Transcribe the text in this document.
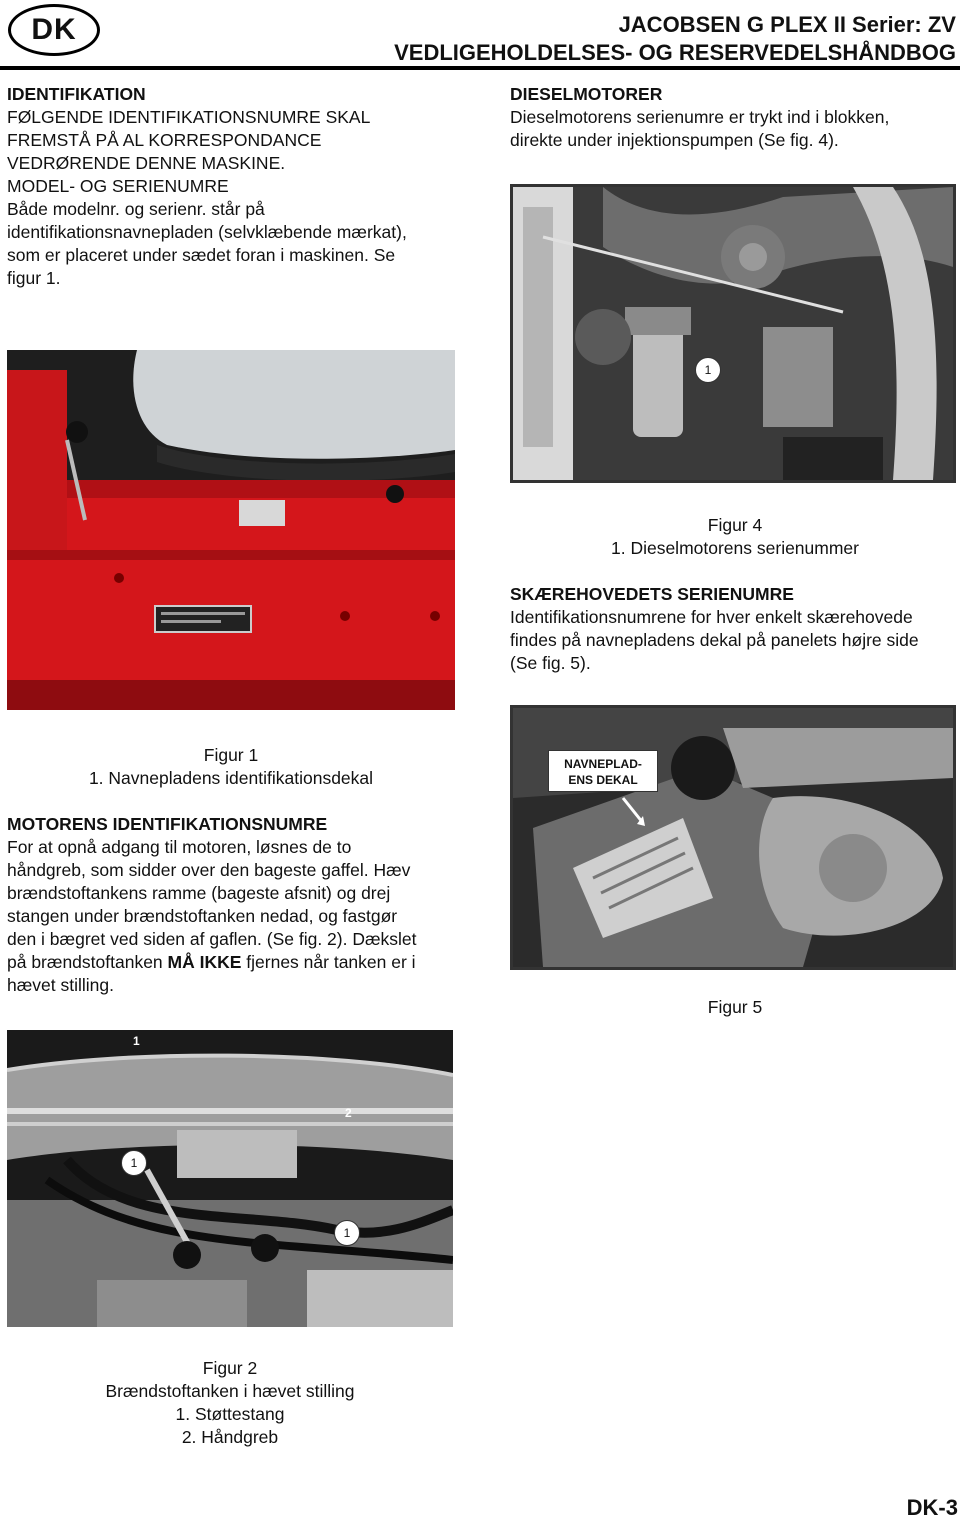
DK	JACOBSEN G PLEX II Serier: ZV
VEDLIGEHOLDELSES- OG RESERVEDELSHÅNDBOG
IDENTIFIKATION
FØLGENDE IDENTIFIKATIONSNUMRE SKAL
FREMSTÅ PÅ AL KORRESPONDANCE
VEDRØRENDE DENNE MASKINE.
MODEL- OG SERIENUMRE
Både modelnr. og serienr. står på
identifikationsnavnepladen (selvklæbende mærkat),
som er placeret under sædet foran i maskinen. Se
figur 1.
DIESELMOTORER
Dieselmotorens serienumre er trykt ind i blokken,
direkte under injektionspumpen (Se fig. 4).
1
Figur 4
1. Dieselmotorens serienummer
SKÆREHOVEDETS SERIENUMRE
Identifikationsnumrene for hver enkelt skærehovede
findes på navnepladens dekal på panelets højre side
(Se fig. 5).
Figur 1
1. Navnepladens identifikationsdekal
NAVNEPLAD-
ENS DEKAL
Figur 5
MOTORENS IDENTIFIKATIONSNUMRE
For at opnå adgang til motoren, løsnes de to
håndgreb, som sidder over den bageste gaffel. Hæv
brændstoftankens ramme (bageste afsnit) og drej
stangen under brændstoftanken nedad, og fastgør
den i bægret ved siden af gaflen. (Se fig. 2). Dækslet
på brændstoftanken MÅ IKKE fjernes når tanken er i
hævet stilling.
1
2
1
1
Figur 2
Brændstoftanken i hævet stilling
1. Støttestang
2. Håndgreb
DK-3
